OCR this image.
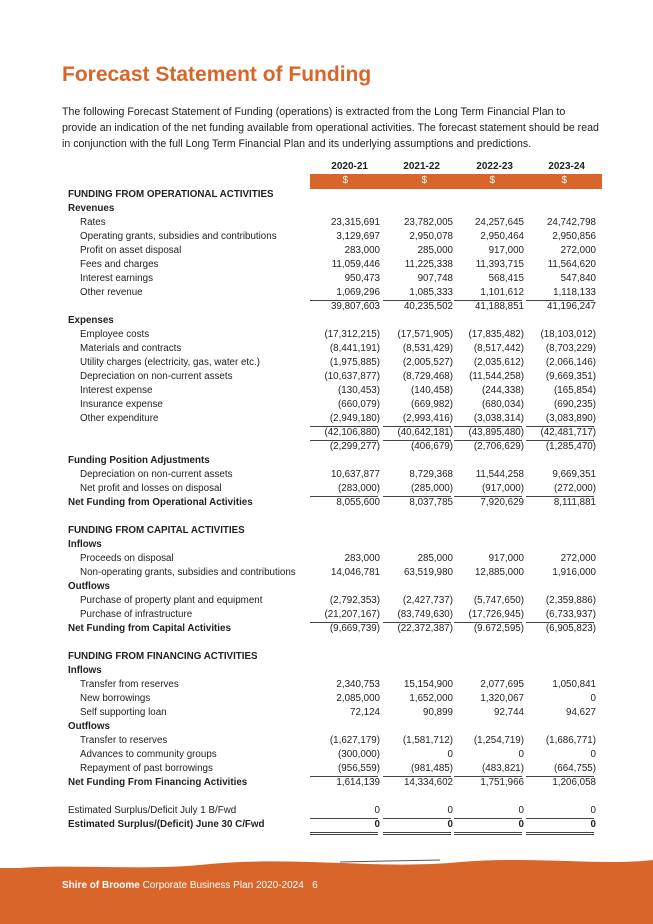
Forecast Statement of Funding
The following Forecast Statement of Funding (operations) is extracted from the Long Term Financial Plan to provide an indication of the net funding available from operational activities. The forecast statement should be read in conjunction with the full Long Term Financial Plan and its underlying assumptions and predictions.
2020-21	2021-22	2022-23	2023-24
$	$	$	$
FUNDING FROM OPERATIONAL ACTIVITIES
Revenues
Rates	23,315,691	23,782,005	24,257,645	24,742,798
Operating grants, subsidies and contributions	3,129,697	2,950,078	2,950,464	2,950,856
Profit on asset disposal	283,000	285,000	917,000	272,000
Fees and charges	11,059,446	11,225,338	11,393,715	11,564,620
Interest earnings	950,473	907,748	568,415	547,840
Other revenue	1,069,296	1,085,333	1,101,612	1,118,133
39,807,603	40,235,502	41,188,851	41,196,247
Expenses
Employee costs	(17,312,215)	(17,571,905)	(17,835,482)	(18,103,012)
Materials and contracts	(8,441,191)	(8,531,429)	(8,517,442)	(8,703,229)
Utility charges (electricity, gas, water etc.)	(1,975,885)	(2,005,527)	(2,035,612)	(2,066,146)
Depreciation on non-current assets	(10,637,877)	(8,729,468)	(11,544,258)	(9,669,351)
Interest expense	(130,453)	(140,458)	(244,338)	(165,854)
Insurance expense	(660,079)	(669,982)	(680,034)	(690,235)
Other expenditure	(2,949,180)	(2,993,416)	(3,038,314)	(3,083,890)
(42,106,880)	(40,642,181)	(43,895,480)	(42,481,717)
(2,299,277)	(406,679)	(2,706,629)	(1,285,470)
Funding Position Adjustments
Depreciation on non-current assets	10,637,877	8,729,368	11,544,258	9,669,351
Net profit and losses on disposal	(283,000)	(285,000)	(917,000)	(272,000)
Net Funding from Operational Activities	8,055,600	8,037,785	7,920,629	8,111,881
FUNDING FROM CAPITAL ACTIVITIES
Inflows
Proceeds on disposal	283,000	285,000	917,000	272,000
Non-operating grants, subsidies and contributions	14,046,781	63,519,980	12,885,000	1,916,000
Outflows
Purchase of property plant and equipment	(2,792,353)	(2,427,737)	(5,747,650)	(2,359,886)
Purchase of infrastructure	(21,207,167)	(83,749,630)	(17,726,945)	(6,733,937)
Net Funding from Capital Activities	(9,669,739)	(22,372,387)	(9.672,595)	(6,905,823)
FUNDING FROM FINANCING ACTIVITIES
Inflows
Transfer from reserves	2,340,753	15,154,900	2,077,695	1,050,841
New borrowings	2,085,000	1,652,000	1,320,067	0
Self supporting loan	72,124	90,899	92,744	94,627
Outflows
Transfer to reserves	(1,627,179)	(1,581,712)	(1,254,719)	(1,686,771)
Advances to community groups	(300,000)	0	0	0
Repayment of past borrowings	(956,559)	(981,485)	(483,821)	(664,755)
Net Funding From Financing Activities	1,614,139	14,334,602	1,751,966	1,206,058
Estimated Surplus/Deficit July 1 B/Fwd	0	0	0	0
Estimated Surplus/(Deficit) June 30 C/Fwd	0	0	0	0
Shire of Broome Corporate Business Plan 2020-2024 6
